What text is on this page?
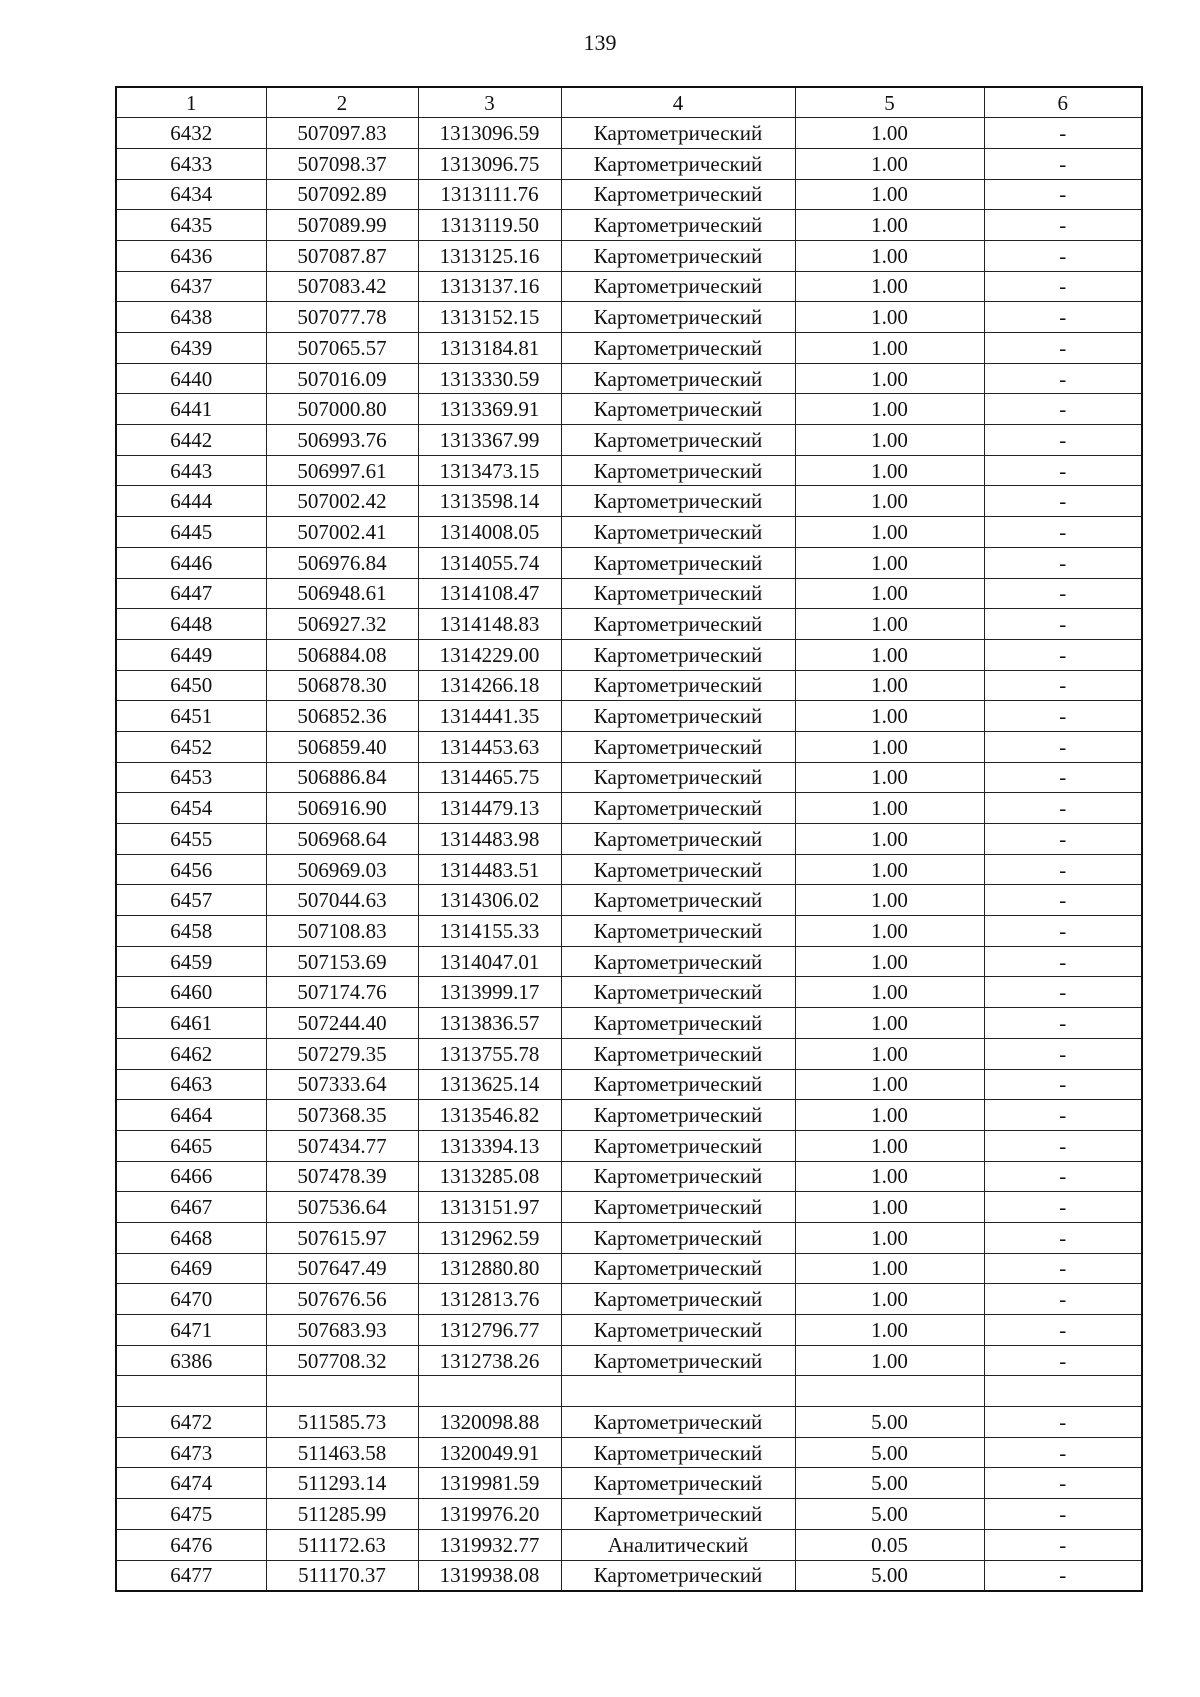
139
1	2	3	4	5	6
6432	507097.83	1313096.59	Картометрический	1.00	-
6433	507098.37	1313096.75	Картометрический	1.00	-
6434	507092.89	1313111.76	Картометрический	1.00	-
6435	507089.99	1313119.50	Картометрический	1.00	-
6436	507087.87	1313125.16	Картометрический	1.00	-
6437	507083.42	1313137.16	Картометрический	1.00	-
6438	507077.78	1313152.15	Картометрический	1.00	-
6439	507065.57	1313184.81	Картометрический	1.00	-
6440	507016.09	1313330.59	Картометрический	1.00	-
6441	507000.80	1313369.91	Картометрический	1.00	-
6442	506993.76	1313367.99	Картометрический	1.00	-
6443	506997.61	1313473.15	Картометрический	1.00	-
6444	507002.42	1313598.14	Картометрический	1.00	-
6445	507002.41	1314008.05	Картометрический	1.00	-
6446	506976.84	1314055.74	Картометрический	1.00	-
6447	506948.61	1314108.47	Картометрический	1.00	-
6448	506927.32	1314148.83	Картометрический	1.00	-
6449	506884.08	1314229.00	Картометрический	1.00	-
6450	506878.30	1314266.18	Картометрический	1.00	-
6451	506852.36	1314441.35	Картометрический	1.00	-
6452	506859.40	1314453.63	Картометрический	1.00	-
6453	506886.84	1314465.75	Картометрический	1.00	-
6454	506916.90	1314479.13	Картометрический	1.00	-
6455	506968.64	1314483.98	Картометрический	1.00	-
6456	506969.03	1314483.51	Картометрический	1.00	-
6457	507044.63	1314306.02	Картометрический	1.00	-
6458	507108.83	1314155.33	Картометрический	1.00	-
6459	507153.69	1314047.01	Картометрический	1.00	-
6460	507174.76	1313999.17	Картометрический	1.00	-
6461	507244.40	1313836.57	Картометрический	1.00	-
6462	507279.35	1313755.78	Картометрический	1.00	-
6463	507333.64	1313625.14	Картометрический	1.00	-
6464	507368.35	1313546.82	Картометрический	1.00	-
6465	507434.77	1313394.13	Картометрический	1.00	-
6466	507478.39	1313285.08	Картометрический	1.00	-
6467	507536.64	1313151.97	Картометрический	1.00	-
6468	507615.97	1312962.59	Картометрический	1.00	-
6469	507647.49	1312880.80	Картометрический	1.00	-
6470	507676.56	1312813.76	Картометрический	1.00	-
6471	507683.93	1312796.77	Картометрический	1.00	-
6386	507708.32	1312738.26	Картометрический	1.00	-

6472	511585.73	1320098.88	Картометрический	5.00	-
6473	511463.58	1320049.91	Картометрический	5.00	-
6474	511293.14	1319981.59	Картометрический	5.00	-
6475	511285.99	1319976.20	Картометрический	5.00	-
6476	511172.63	1319932.77	Аналитический	0.05	-
6477	511170.37	1319938.08	Картометрический	5.00	-
